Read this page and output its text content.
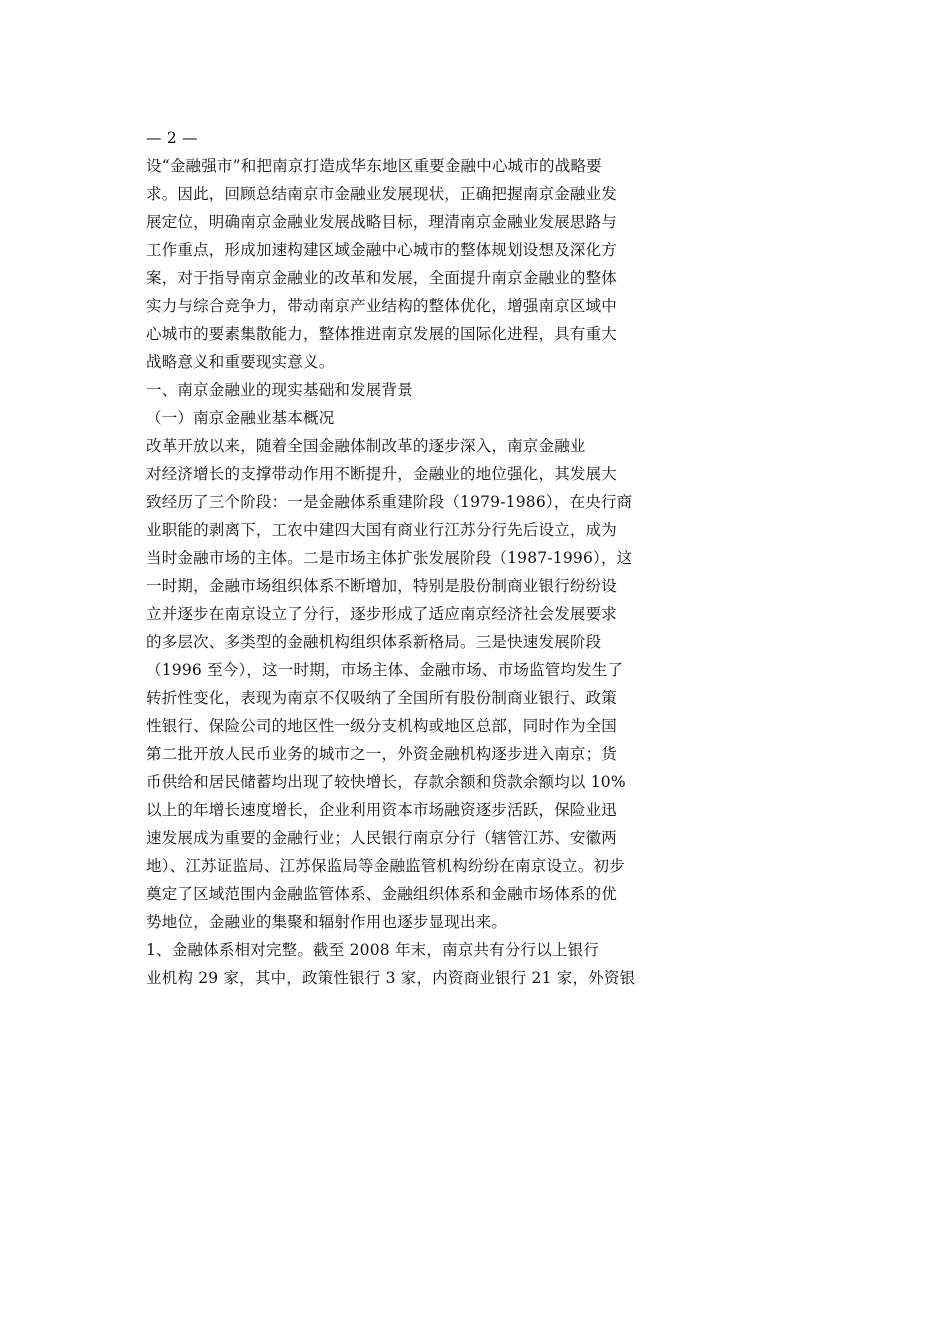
— 2 —
设“金融强市”和把南京打造成华东地区重要金融中心城市的战略要
求。因此，回顾总结南京市金融业发展现状，正确把握南京金融业发
展定位，明确南京金融业发展战略目标，理清南京金融业发展思路与
工作重点，形成加速构建区域金融中心城市的整体规划设想及深化方
案，对于指导南京金融业的改革和发展，全面提升南京金融业的整体
实力与综合竞争力，带动南京产业结构的整体优化，增强南京区域中
心城市的要素集散能力，整体推进南京发展的国际化进程，具有重大
战略意义和重要现实意义。
一、南京金融业的现实基础和发展背景
（一）南京金融业基本概况
改革开放以来，随着全国金融体制改革的逐步深入，南京金融业
对经济增长的支撑带动作用不断提升，金融业的地位强化，其发展大
致经历了三个阶段：一是金融体系重建阶段（1979-1986），在央行商
业职能的剥离下，工农中建四大国有商业行江苏分行先后设立，成为
当时金融市场的主体。二是市场主体扩张发展阶段（1987-1996），这
一时期，金融市场组织体系不断增加，特别是股份制商业银行纷纷设
立并逐步在南京设立了分行，逐步形成了适应南京经济社会发展要求
的多层次、多类型的金融机构组织体系新格局。三是快速发展阶段
（1996 至今），这一时期，市场主体、金融市场、市场监管均发生了
转折性变化，表现为南京不仅吸纳了全国所有股份制商业银行、政策
性银行、保险公司的地区性一级分支机构或地区总部，同时作为全国
第二批开放人民币业务的城市之一，外资金融机构逐步进入南京；货
币供给和居民储蓄均出现了较快增长，存款余额和贷款余额均以 10%
以上的年增长速度增长，企业利用资本市场融资逐步活跃，保险业迅
速发展成为重要的金融行业；人民银行南京分行（辖管江苏、安徽两
地）、江苏证监局、江苏保监局等金融监管机构纷纷在南京设立。初步
奠定了区域范围内金融监管体系、金融组织体系和金融市场体系的优
势地位，金融业的集聚和辐射作用也逐步显现出来。
1、金融体系相对完整。截至 2008 年末，南京共有分行以上银行
业机构 29 家，其中，政策性银行 3 家，内资商业银行 21 家，外资银
